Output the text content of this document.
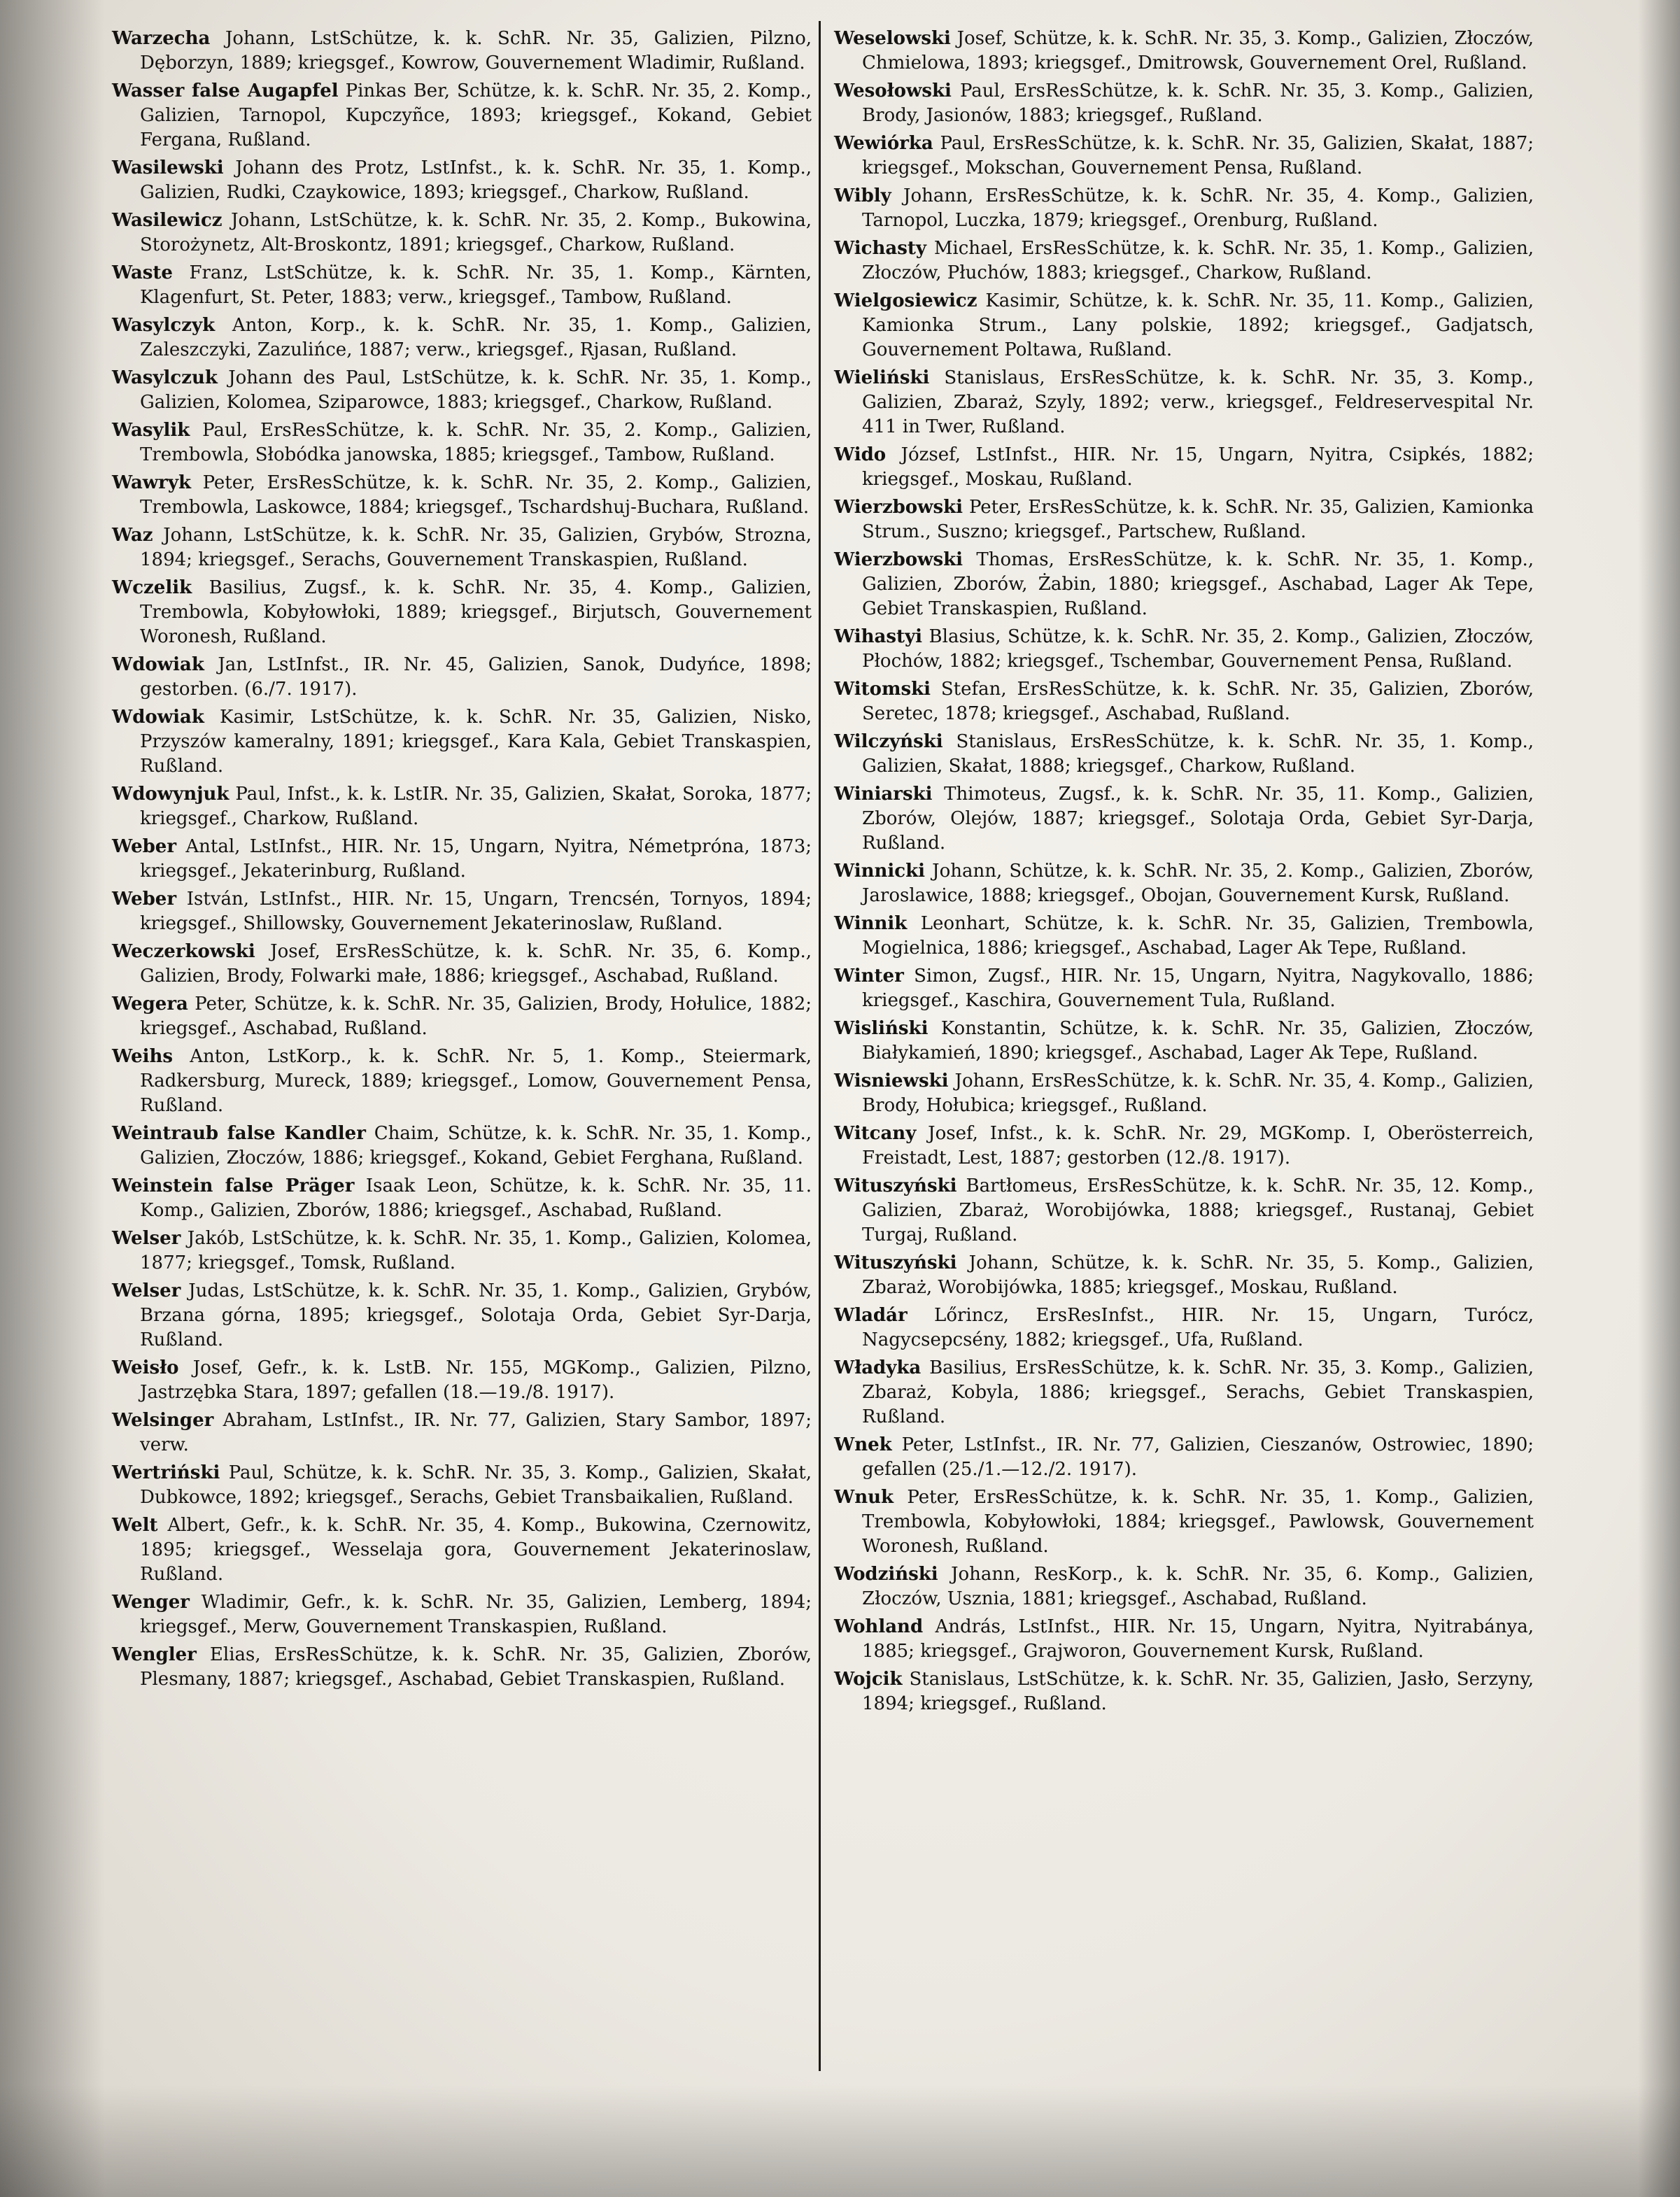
Warzecha Johann, LstSchütze, k. k. SchR. Nr. 35, Galizien, Pilzno, Dęborzyn, 1889; kriegsgef., Kowrow, Gouvernement Wladimir, Rußland.
Wasser false Augapfel Pinkas Ber, Schütze, k. k. SchR. Nr. 35, 2. Komp., Galizien, Tarnopol, Kupczyñce, 1893; kriegsgef., Kokand, Gebiet Fergana, Rußland.
Wasilewski Johann des Protz, LstInfst., k. k. SchR. Nr. 35, 1. Komp., Galizien, Rudki, Czaykowice, 1893; kriegsgef., Charkow, Rußland.
Wasilewicz Johann, LstSchütze, k. k. SchR. Nr. 35, 2. Komp., Bukowina, Storożynetz, Alt-Broskontz, 1891; kriegsgef., Charkow, Rußland.
Waste Franz, LstSchütze, k. k. SchR. Nr. 35, 1. Komp., Kärnten, Klagenfurt, St. Peter, 1883; verw., kriegsgef., Tambow, Rußland.
Wasylczyk Anton, Korp., k. k. SchR. Nr. 35, 1. Komp., Galizien, Zaleszczyki, Zazulińce, 1887; verw., kriegsgef., Rjasan, Rußland.
Wasylczuk Johann des Paul, LstSchütze, k. k. SchR. Nr. 35, 1. Komp., Galizien, Kolomea, Sziparowce, 1883; kriegsgef., Charkow, Rußland.
Wasylik Paul, ErsResSchütze, k. k. SchR. Nr. 35, 2. Komp., Galizien, Trembowla, Słobódka janowska, 1885; kriegsgef., Tambow, Rußland.
Wawryk Peter, ErsResSchütze, k. k. SchR. Nr. 35, 2. Komp., Galizien, Trembowla, Laskowce, 1884; kriegsgef., Tschardshuj-Buchara, Rußland.
Waz Johann, LstSchütze, k. k. SchR. Nr. 35, Galizien, Grybów, Strozna, 1894; kriegsgef., Serachs, Gouvernement Transkaspien, Rußland.
Wczelik Basilius, Zugsf., k. k. SchR. Nr. 35, 4. Komp., Galizien, Trembowla, Kobyłowłoki, 1889; kriegsgef., Birjutsch, Gouvernement Woronesh, Rußland.
Wdowiak Jan, LstInfst., IR. Nr. 45, Galizien, Sanok, Dudyńce, 1898; gestorben. (6./7. 1917).
Wdowiak Kasimir, LstSchütze, k. k. SchR. Nr. 35, Galizien, Nisko, Przyszów kameralny, 1891; kriegsgef., Kara Kala, Gebiet Transkaspien, Rußland.
Wdowynjuk Paul, Infst., k. k. LstIR. Nr. 35, Galizien, Skałat, Soroka, 1877; kriegsgef., Charkow, Rußland.
Weber Antal, LstInfst., HIR. Nr. 15, Ungarn, Nyitra, Németpróna, 1873; kriegsgef., Jekaterinburg, Rußland.
Weber István, LstInfst., HIR. Nr. 15, Ungarn, Trencsén, Tornyos, 1894; kriegsgef., Shillowsky, Gouvernement Jekaterinoslaw, Rußland.
Weczerkowski Josef, ErsResSchütze, k. k. SchR. Nr. 35, 6. Komp., Galizien, Brody, Folwarki małe, 1886; kriegsgef., Aschabad, Rußland.
Wegera Peter, Schütze, k. k. SchR. Nr. 35, Galizien, Brody, Hołulice, 1882; kriegsgef., Aschabad, Rußland.
Weihs Anton, LstKorp., k. k. SchR. Nr. 5, 1. Komp., Steiermark, Radkersburg, Mureck, 1889; kriegsgef., Lomow, Gouvernement Pensa, Rußland.
Weintraub false Kandler Chaim, Schütze, k. k. SchR. Nr. 35, 1. Komp., Galizien, Złoczów, 1886; kriegsgef., Kokand, Gebiet Ferghana, Rußland.
Weinstein false Präger Isaak Leon, Schütze, k. k. SchR. Nr. 35, 11. Komp., Galizien, Zborów, 1886; kriegsgef., Aschabad, Rußland.
Welser Jakób, LstSchütze, k. k. SchR. Nr. 35, 1. Komp., Galizien, Kolomea, 1877; kriegsgef., Tomsk, Rußland.
Welser Judas, LstSchütze, k. k. SchR. Nr. 35, 1. Komp., Galizien, Grybów, Brzana górna, 1895; kriegsgef., Solotaja Orda, Gebiet Syr-Darja, Rußland.
Weisło Josef, Gefr., k. k. LstB. Nr. 155, MGKomp., Galizien, Pilzno, Jastrzębka Stara, 1897; gefallen (18.—19./8. 1917).
Welsinger Abraham, LstInfst., IR. Nr. 77, Galizien, Stary Sambor, 1897; verw.
Wertriński Paul, Schütze, k. k. SchR. Nr. 35, 3. Komp., Galizien, Skałat, Dubkowce, 1892; kriegsgef., Serachs, Gebiet Transbaikalien, Rußland.
Welt Albert, Gefr., k. k. SchR. Nr. 35, 4. Komp., Bukowina, Czernowitz, 1895; kriegsgef., Wesselaja gora, Gouvernement Jekaterinoslaw, Rußland.
Wenger Wladimir, Gefr., k. k. SchR. Nr. 35, Galizien, Lemberg, 1894; kriegsgef., Merw, Gouvernement Transkaspien, Rußland.
Wengler Elias, ErsResSchütze, k. k. SchR. Nr. 35, Galizien, Zborów, Plesmany, 1887; kriegsgef., Aschabad, Gebiet Transkaspien, Rußland.
Weselowski Josef, Schütze, k. k. SchR. Nr. 35, 3. Komp., Galizien, Złoczów, Chmielowa, 1893; kriegsgef., Dmitrowsk, Gouvernement Orel, Rußland.
Wesołowski Paul, ErsResSchütze, k. k. SchR. Nr. 35, 3. Komp., Galizien, Brody, Jasionów, 1883; kriegsgef., Rußland.
Wewiórka Paul, ErsResSchütze, k. k. SchR. Nr. 35, Galizien, Skałat, 1887; kriegsgef., Mokschan, Gouvernement Pensa, Rußland.
Wibly Johann, ErsResSchütze, k. k. SchR. Nr. 35, 4. Komp., Galizien, Tarnopol, Luczka, 1879; kriegsgef., Orenburg, Rußland.
Wichasty Michael, ErsResSchütze, k. k. SchR. Nr. 35, 1. Komp., Galizien, Złoczów, Płuchów, 1883; kriegsgef., Charkow, Rußland.
Wielgosiewicz Kasimir, Schütze, k. k. SchR. Nr. 35, 11. Komp., Galizien, Kamionka Strum., Lany polskie, 1892; kriegsgef., Gadjatsch, Gouvernement Poltawa, Rußland.
Wieliński Stanislaus, ErsResSchütze, k. k. SchR. Nr. 35, 3. Komp., Galizien, Zbaraż, Szyly, 1892; verw., kriegsgef., Feldreservespital Nr. 411 in Twer, Rußland.
Wido József, LstInfst., HIR. Nr. 15, Ungarn, Nyitra, Csipkés, 1882; kriegsgef., Moskau, Rußland.
Wierzbowski Peter, ErsResSchütze, k. k. SchR. Nr. 35, Galizien, Kamionka Strum., Suszno; kriegsgef., Partschew, Rußland.
Wierzbowski Thomas, ErsResSchütze, k. k. SchR. Nr. 35, 1. Komp., Galizien, Zborów, Żabin, 1880; kriegsgef., Aschabad, Lager Ak Tepe, Gebiet Transkaspien, Rußland.
Wihastyi Blasius, Schütze, k. k. SchR. Nr. 35, 2. Komp., Galizien, Złoczów, Płochów, 1882; kriegsgef., Tschembar, Gouvernement Pensa, Rußland.
Witomski Stefan, ErsResSchütze, k. k. SchR. Nr. 35, Galizien, Zborów, Seretec, 1878; kriegsgef., Aschabad, Rußland.
Wilczyński Stanislaus, ErsResSchütze, k. k. SchR. Nr. 35, 1. Komp., Galizien, Skałat, 1888; kriegsgef., Charkow, Rußland.
Winiarski Thimoteus, Zugsf., k. k. SchR. Nr. 35, 11. Komp., Galizien, Zborów, Olejów, 1887; kriegsgef., Solotaja Orda, Gebiet Syr-Darja, Rußland.
Winnicki Johann, Schütze, k. k. SchR. Nr. 35, 2. Komp., Galizien, Zborów, Jaroslawice, 1888; kriegsgef., Obojan, Gouvernement Kursk, Rußland.
Winnik Leonhart, Schütze, k. k. SchR. Nr. 35, Galizien, Trembowla, Mogielnica, 1886; kriegsgef., Aschabad, Lager Ak Tepe, Rußland.
Winter Simon, Zugsf., HIR. Nr. 15, Ungarn, Nyitra, Nagykovallo, 1886; kriegsgef., Kaschira, Gouvernement Tula, Rußland.
Wisliński Konstantin, Schütze, k. k. SchR. Nr. 35, Galizien, Złoczów, Białykamień, 1890; kriegsgef., Aschabad, Lager Ak Tepe, Rußland.
Wisniewski Johann, ErsResSchütze, k. k. SchR. Nr. 35, 4. Komp., Galizien, Brody, Hołubica; kriegsgef., Rußland.
Witcany Josef, Infst., k. k. SchR. Nr. 29, MGKomp. I, Oberösterreich, Freistadt, Lest, 1887; gestorben (12./8. 1917).
Wituszyński Bartłomeus, ErsResSchütze, k. k. SchR. Nr. 35, 12. Komp., Galizien, Zbaraż, Worobijówka, 1888; kriegsgef., Rustanaj, Gebiet Turgaj, Rußland.
Wituszyński Johann, Schütze, k. k. SchR. Nr. 35, 5. Komp., Galizien, Zbaraż, Worobijówka, 1885; kriegsgef., Moskau, Rußland.
Wladár Lőrincz, ErsResInfst., HIR. Nr. 15, Ungarn, Turócz, Nagycsepcsény, 1882; kriegsgef., Ufa, Rußland.
Władyka Basilius, ErsResSchütze, k. k. SchR. Nr. 35, 3. Komp., Galizien, Zbaraż, Kobyla, 1886; kriegsgef., Serachs, Gebiet Transkaspien, Rußland.
Wnek Peter, LstInfst., IR. Nr. 77, Galizien, Cieszanów, Ostrowiec, 1890; gefallen (25./1.—12./2. 1917).
Wnuk Peter, ErsResSchütze, k. k. SchR. Nr. 35, 1. Komp., Galizien, Trembowla, Kobyłowłoki, 1884; kriegsgef., Pawlowsk, Gouvernement Woronesh, Rußland.
Wodziński Johann, ResKorp., k. k. SchR. Nr. 35, 6. Komp., Galizien, Złoczów, Usznia, 1881; kriegsgef., Aschabad, Rußland.
Wohland András, LstInfst., HIR. Nr. 15, Ungarn, Nyitra, Nyitrabánya, 1885; kriegsgef., Grajworon, Gouvernement Kursk, Rußland.
Wojcik Stanislaus, LstSchütze, k. k. SchR. Nr. 35, Galizien, Jasło, Serzyny, 1894; kriegsgef., Rußland.
